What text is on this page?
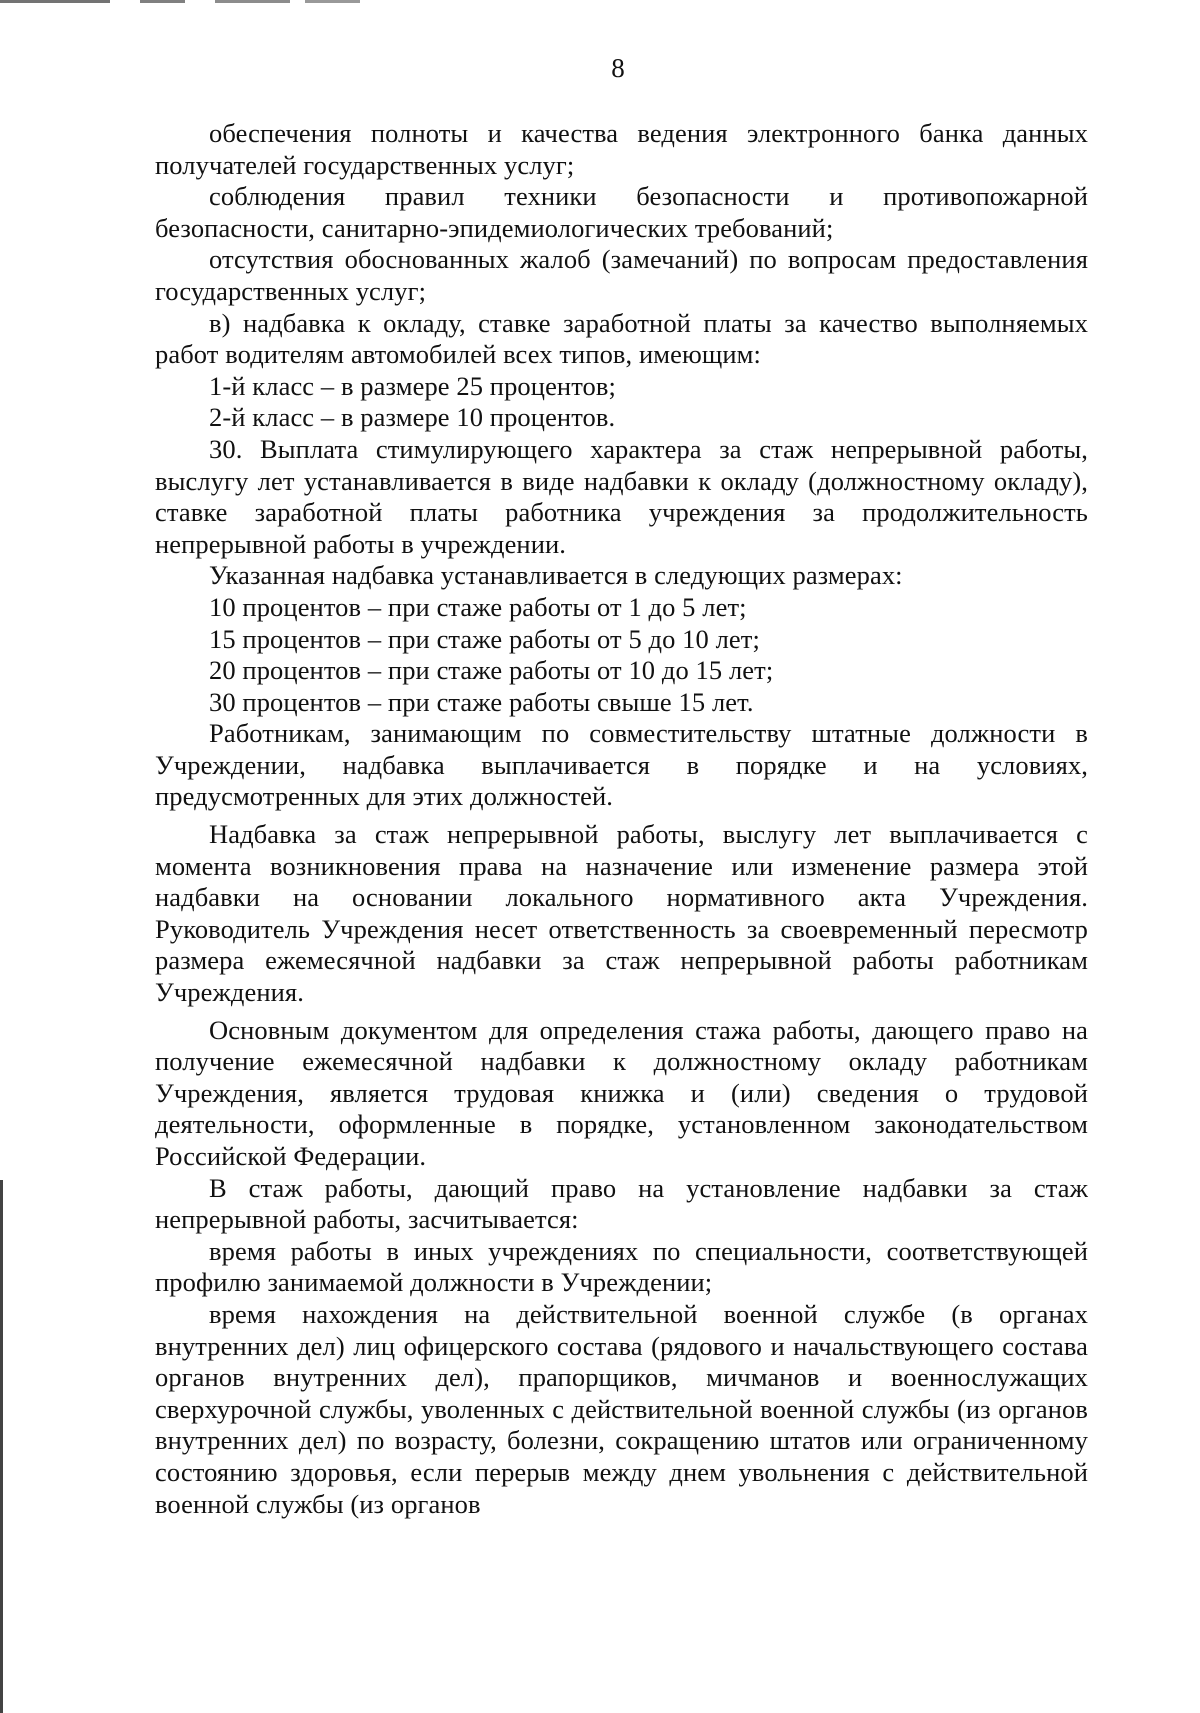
8

обеспечения полноты и качества ведения электронного банка данных получателей государственных услуг;

соблюдения правил техники безопасности и противопожарной безопасности, санитарно-эпидемиологических требований;

отсутствия обоснованных жалоб (замечаний) по вопросам предоставления государственных услуг;

в) надбавка к окладу, ставке заработной платы за качество выполняемых работ водителям автомобилей всех типов, имеющим:

1-й класс – в размере 25 процентов;

2-й класс – в размере 10 процентов.

30. Выплата стимулирующего характера за стаж непрерывной работы, выслугу лет устанавливается в виде надбавки к окладу (должностному окладу), ставке заработной платы работника учреждения за продолжительность непрерывной работы в учреждении.

Указанная надбавка устанавливается в следующих размерах:

10 процентов – при стаже работы от 1 до 5 лет;

15 процентов – при стаже работы от 5 до 10 лет;

20 процентов – при стаже работы от 10 до 15 лет;

30 процентов – при стаже работы свыше 15 лет.

Работникам, занимающим по совместительству штатные должности в Учреждении, надбавка выплачивается в порядке и на условиях, предусмотренных для этих должностей.

Надбавка за стаж непрерывной работы, выслугу лет выплачивается с момента возникновения права на назначение или изменение размера этой надбавки на основании локального нормативного акта Учреждения. Руководитель Учреждения несет ответственность за своевременный пересмотр размера ежемесячной надбавки за стаж непрерывной работы работникам Учреждения.

Основным документом для определения стажа работы, дающего право на получение ежемесячной надбавки к должностному окладу работникам Учреждения, является трудовая книжка и (или) сведения о трудовой деятельности, оформленные в порядке, установленном законодательством Российской Федерации.

В стаж работы, дающий право на установление надбавки за стаж непрерывной работы, засчитывается:

время работы в иных учреждениях по специальности, соответствующей профилю занимаемой должности в Учреждении;

время нахождения на действительной военной службе (в органах внутренних дел) лиц офицерского состава (рядового и начальствующего состава органов внутренних дел), прапорщиков, мичманов и военнослужащих сверхурочной службы, уволенных с действительной военной службы (из органов внутренних дел) по возрасту, болезни, сокращению штатов или ограниченному состоянию здоровья, если перерыв между днем увольнения с действительной военной службы (из органов
